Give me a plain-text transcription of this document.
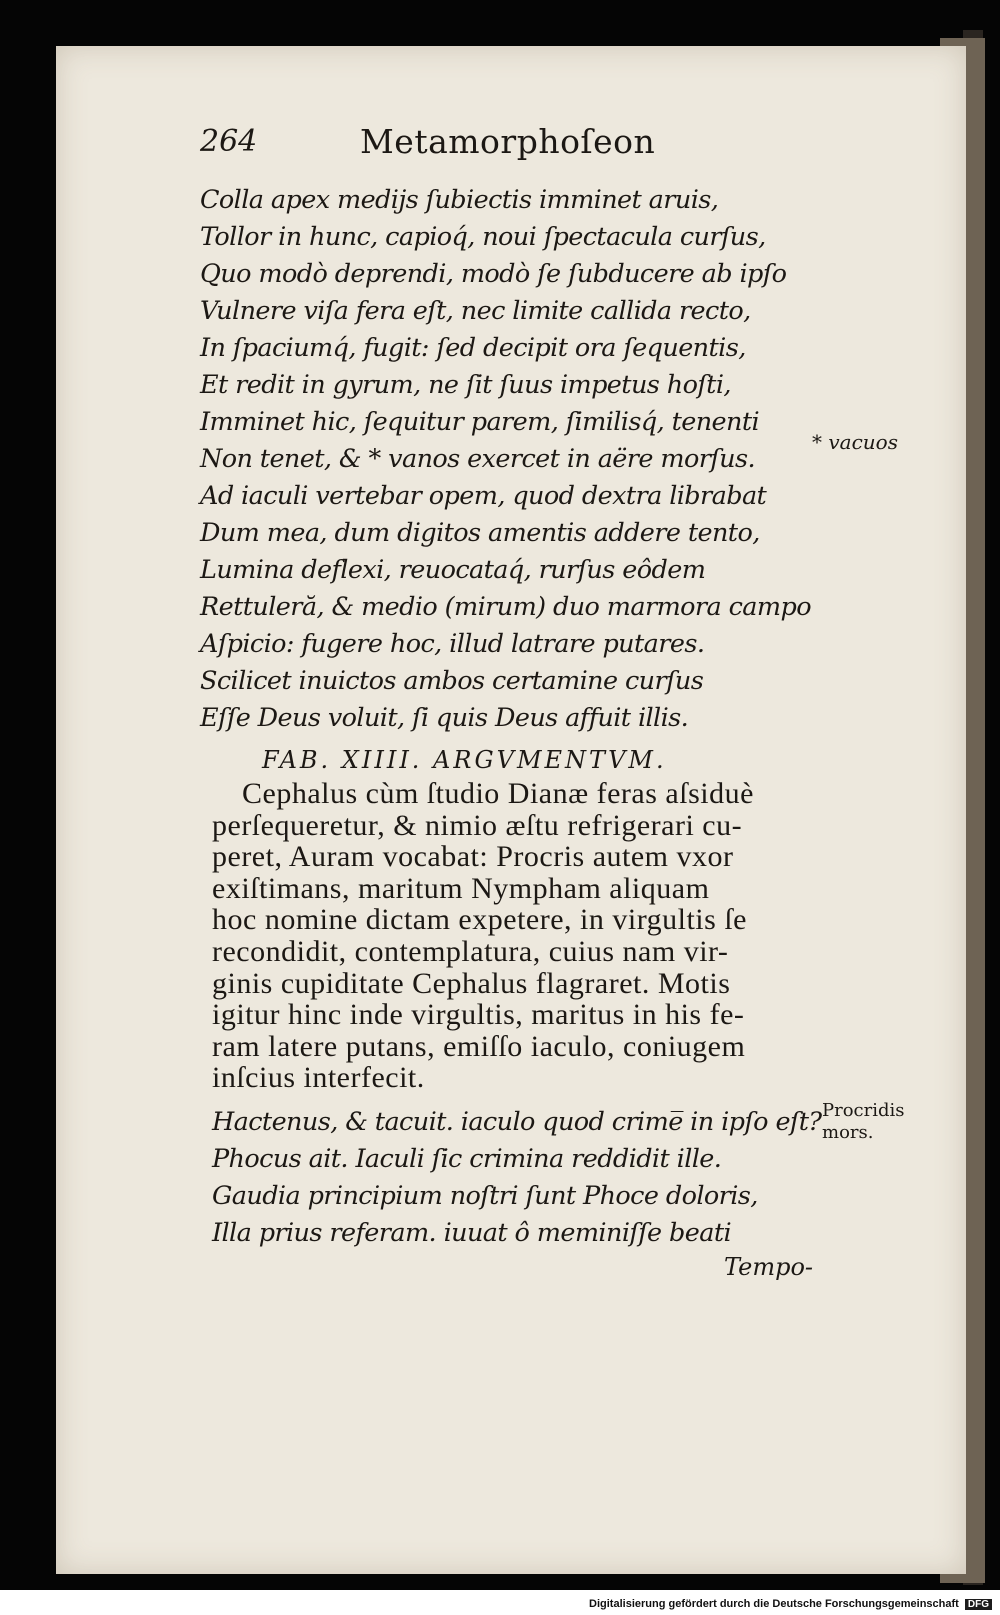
264	Metamorphoſeon
Colla apex medijs ſubiectis imminet aruis,
Tollor in hunc, capioq́, noui ſpectacula curſus,
Quo modò deprendi, modò ſe ſubducere ab ipſo
Vulnere viſa fera eſt, nec limite callida recto,
In ſpaciumq́, fugit: ſed decipit ora ſequentis,
Et redit in gyrum, ne ſit ſuus impetus hoſti,
Imminet hic, ſequitur parem, ſimilisq́, tenenti
Non tenet, & * vanos exercet in aëre morſus.
Ad iaculi vertebar opem, quod dextra librabat
Dum mea, dum digitos amentis addere tento,
Lumina deflexi, reuocataq́, rurſus eôdem
Rettuleră, & medio (mirum) duo marmora campo
Aſpicio: fugere hoc, illud latrare putares.
Scilicet inuictos ambos certamine curſus
Eſſe Deus voluit, ſi quis Deus affuit illis.
* vacuos
FAB. XIIII. ARGVMENTVM.
Cephalus cùm ſtudio Dianæ feras aſsiduè
perſequeretur, & nimio æſtu refrigerari cu-
peret, Auram vocabat: Procris autem vxor
exiſtimans, maritum Nympham aliquam
hoc nomine dictam expetere, in virgultis ſe
recondidit, contemplatura, cuius nam vir-
ginis cupiditate Cephalus flagraret. Motis
igitur hinc inde virgultis, maritus in his fe-
ram latere putans, emiſſo iaculo, coniugem
inſcius interfecit.
Hactenus, & tacuit. iaculo quod crime̅ in ipſo eſt?
Phocus ait. Iaculi ſic crimina reddidit ille.
Gaudia principium noſtri ſunt Phoce doloris,
Illa prius referam. iuuat ô meminiſſe beati
Procridis
mors.
Tempo-
Digitalisierung gefördert durch die Deutsche Forschungsgemeinschaft DFG
